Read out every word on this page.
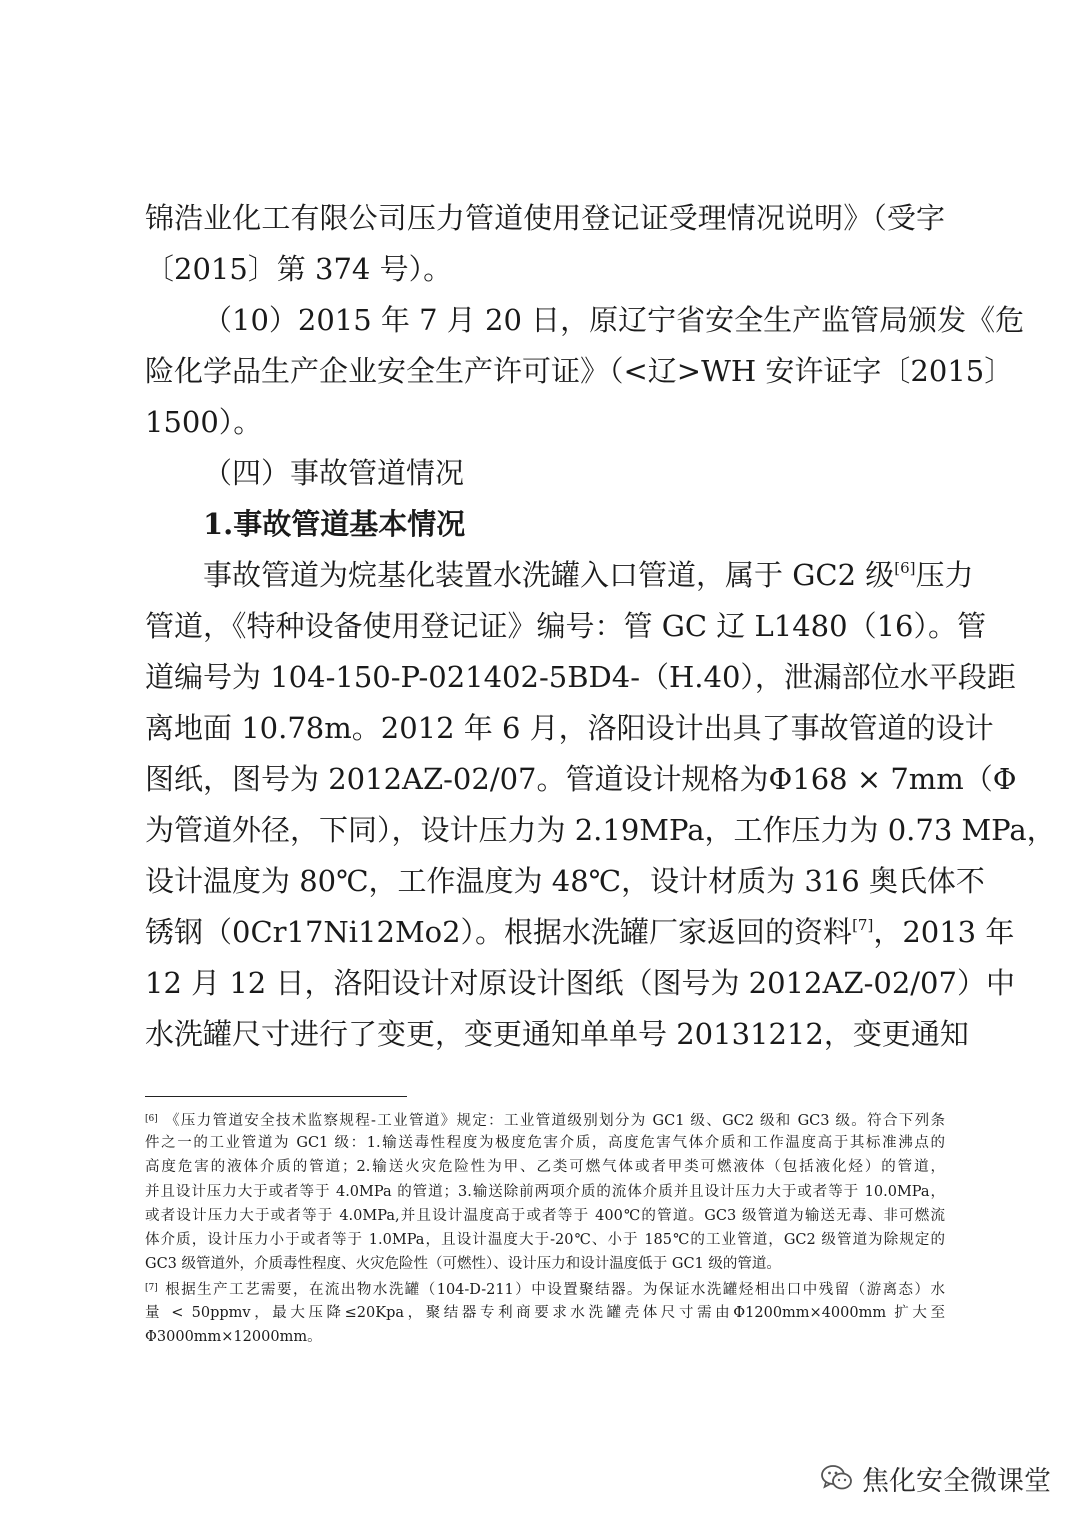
锦浩业化工有限公司压力管道使用登记证受理情况说明》（受字
〔2015〕第 374 号）。
（10）2015 年 7 月 20 日，原辽宁省安全生产监管局颁发《危
险化学品生产企业安全生产许可证》（<辽>WH 安许证字〔2015〕
1500）。
（四）事故管道情况
1.事故管道基本情况
事故管道为烷基化装置水洗罐入口管道，属于 GC2 级[6]压力
管道，《特种设备使用登记证》编号：管 GC 辽 L1480（16）。管
道编号为 104-150-P-021402-5BD4-（H.40），泄漏部位水平段距
离地面 10.78m。2012 年 6 月，洛阳设计出具了事故管道的设计
图纸，图号为 2012AZ-02/07。管道设计规格为Φ168 × 7mm（Φ
为管道外径，下同），设计压力为 2.19MPa，工作压力为 0.73 MPa，
设计温度为 80℃，工作温度为 48℃，设计材质为 316 奥氏体不
锈钢（0Cr17Ni12Mo2）。根据水洗罐厂家返回的资料[7]，2013 年
12 月 12 日，洛阳设计对原设计图纸（图号为 2012AZ-02/07）中
水洗罐尺寸进行了变更，变更通知单单号 20131212，变更通知
[6] 《压力管道安全技术监察规程-工业管道》规定：工业管道级别划分为 GC1 级、GC2 级和 GC3 级。符合下列条
件之一的工业管道为 GC1 级：1.输送毒性程度为极度危害介质，高度危害气体介质和工作温度高于其标准沸点的
高度危害的液体介质的管道；2.输送火灾危险性为甲、乙类可燃气体或者甲类可燃液体（包括液化烃）的管道，
并且设计压力大于或者等于 4.0MPa 的管道；3.输送除前两项介质的流体介质并且设计压力大于或者等于 10.0MPa，
或者设计压力大于或者等于 4.0MPa,并且设计温度高于或者等于 400℃的管道。GC3 级管道为输送无毒、非可燃流
体介质，设计压力小于或者等于 1.0MPa，且设计温度大于-20℃、小于 185℃的工业管道，GC2 级管道为除规定的
GC3 级管道外，介质毒性程度、火灾危险性（可燃性）、设计压力和设计温度低于 GC1 级的管道。
[7] 根据生产工艺需要，在流出物水洗罐（104-D-211）中设置聚结器。为保证水洗罐烃相出口中残留（游离态）水
量 < 50ppmv，最大压降≤20Kpa，聚结器专利商要求水洗罐壳体尺寸需由Φ1200mm×4000mm 扩大至
Φ3000mm×12000mm。
焦化安全微课堂
